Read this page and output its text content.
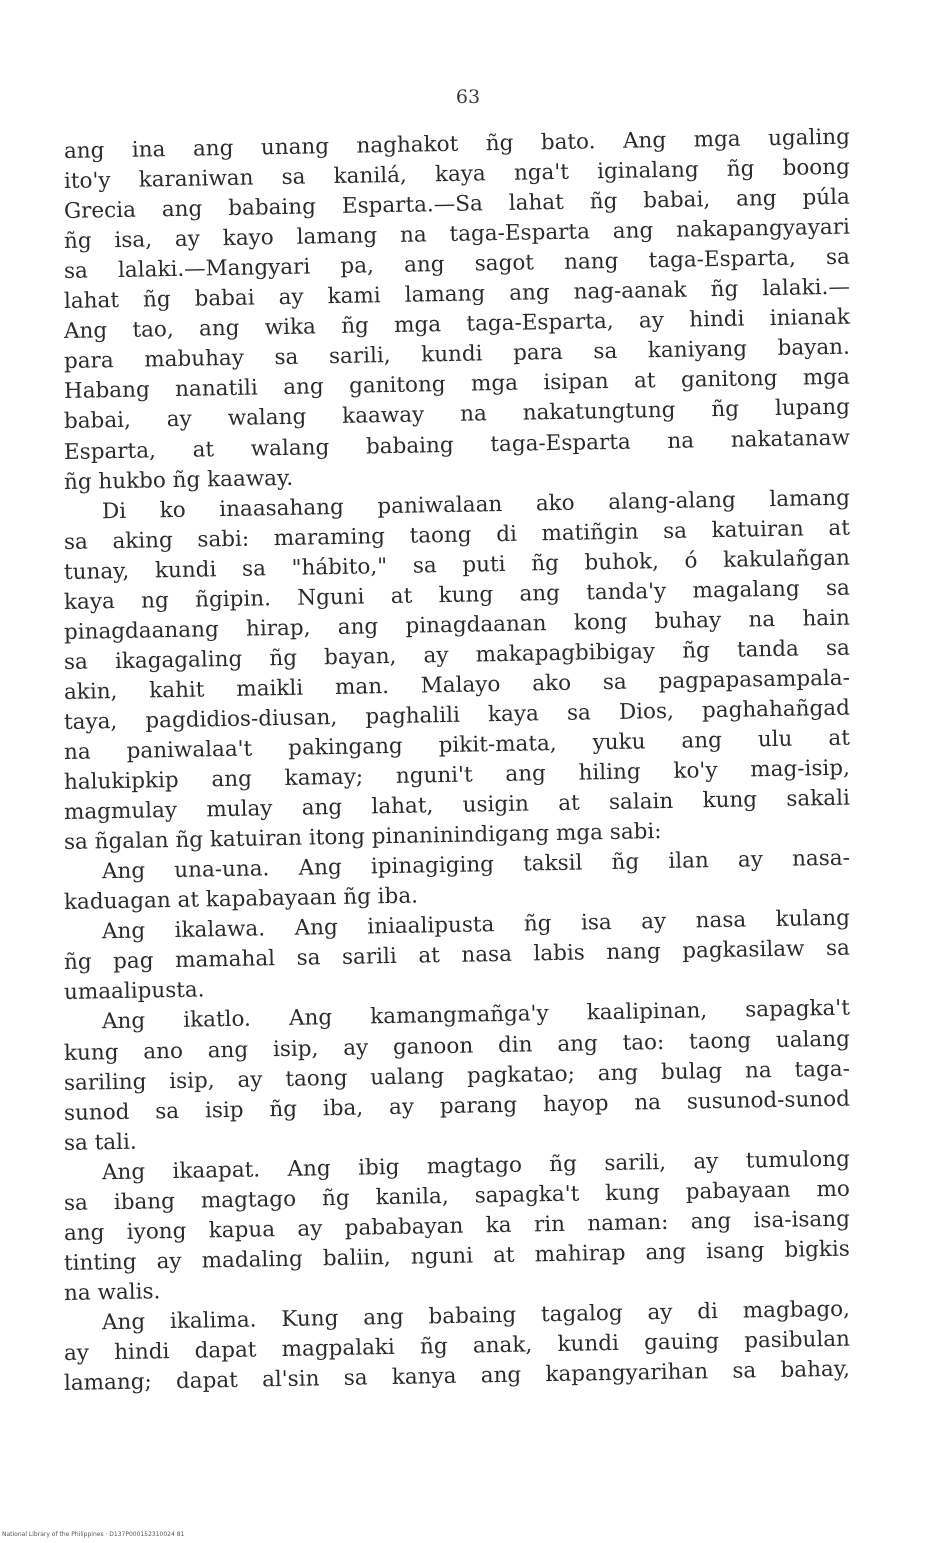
63
ang ina ang unang naghakot ñg bato. Ang mga ugaling
ito'y karaniwan sa kanilá, kaya nga't iginalang ñg boong
Grecia ang babaing Esparta.—Sa lahat ñg babai, ang púla
ñg isa, ay kayo lamang na taga-Esparta ang nakapangyayari
sa lalaki.—Mangyari pa, ang sagot nang taga-Esparta, sa
lahat ñg babai ay kami lamang ang nag-aanak ñg lalaki.—
Ang tao, ang wika ñg mga taga-Esparta, ay hindi inianak
para mabuhay sa sarili, kundi para sa kaniyang bayan.
Habang nanatili ang ganitong mga isipan at ganitong mga
babai, ay walang kaaway na nakatungtung ñg lupang
Esparta, at walang babaing taga-Esparta na nakatanaw
ñg hukbo ñg kaaway.
Di ko inaasahang paniwalaan ako alang-alang lamang
sa aking sabi: maraming taong di matiñgin sa katuiran at
tunay, kundi sa "hábito," sa puti ñg buhok, ó kakulañgan
kaya ng ñgipin. Nguni at kung ang tanda'y magalang sa
pinagdaanang hirap, ang pinagdaanan kong buhay na hain
sa ikagagaling ñg bayan, ay makapagbibigay ñg tanda sa
akin, kahit maikli man. Malayo ako sa pagpapasampala-
taya, pagdidios-diusan, paghalili kaya sa Dios, paghahañgad
na paniwalaa't pakingang pikit-mata, yuku ang ulu at
halukipkip ang kamay; nguni't ang hiling ko'y mag-isip,
magmulay mulay ang lahat, usigin at salain kung sakali
sa ñgalan ñg katuiran itong pinaninindigang mga sabi:
Ang una-una. Ang ipinagiging taksil ñg ilan ay nasa-
kaduagan at kapabayaan ñg iba.
Ang ikalawa. Ang iniaalipusta ñg isa ay nasa kulang
ñg pag mamahal sa sarili at nasa labis nang pagkasilaw sa
umaalipusta.
Ang ikatlo. Ang kamangmañga'y kaalipinan, sapagka't
kung ano ang isip, ay ganoon din ang tao: taong ualang
sariling isip, ay taong ualang pagkatao; ang bulag na taga-
sunod sa isip ñg iba, ay parang hayop na susunod-sunod
sa tali.
Ang ikaapat. Ang ibig magtago ñg sarili, ay tumulong
sa ibang magtago ñg kanila, sapagka't kung pabayaan mo
ang iyong kapua ay pababayan ka rin naman: ang isa-isang
tinting ay madaling baliin, nguni at mahirap ang isang bigkis
na walis.
Ang ikalima. Kung ang babaing tagalog ay di magbago,
ay hindi dapat magpalaki ñg anak, kundi gauing pasibulan
lamang; dapat al'sin sa kanya ang kapangyarihan sa bahay,
National Library of the Philippines · D137P000152310024 81
